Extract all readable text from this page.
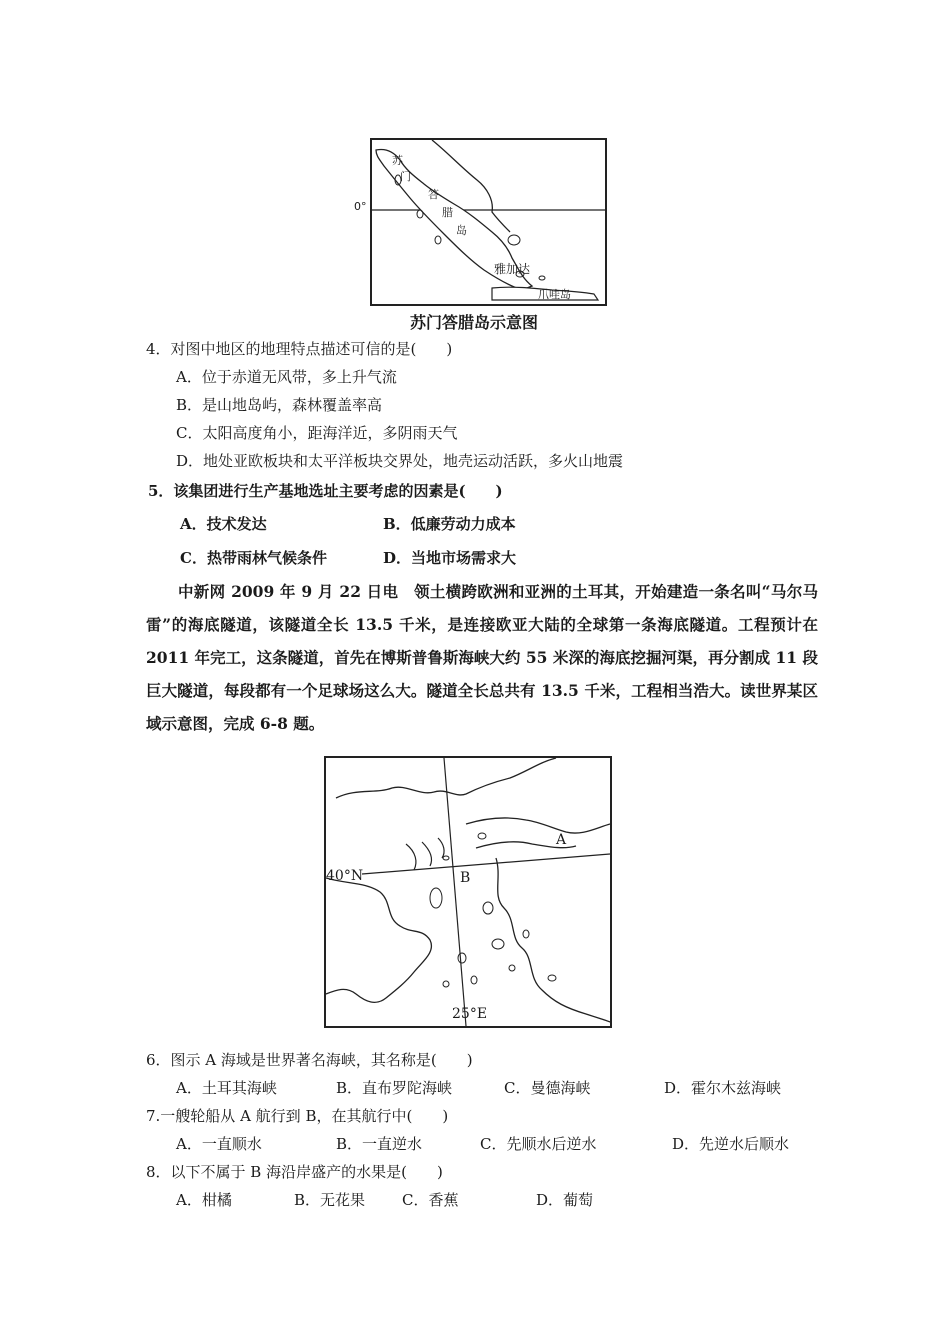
苏
门
答
腊
岛
0°
雅加达
爪哇岛
苏门答腊岛示意图
4．对图中地区的地理特点描述可信的是(　　)
A．位于赤道无风带，多上升气流
B．是山地岛屿，森林覆盖率高
C．太阳高度角小，距海洋近，多阴雨天气
D．地处亚欧板块和太平洋板块交界处，地壳运动活跃，多火山地震
5．该集团进行生产基地选址主要考虑的因素是(　　)
A．技术发达	B．低廉劳动力成本
C．热带雨林气候条件	D．当地市场需求大
中新网 2009 年 9 月 22 日电　领土横跨欧洲和亚洲的土耳其，开始建造一条名叫“马尔马雷”的海底隧道，该隧道全长 13.5 千米，是连接欧亚大陆的全球第一条海底隧道。工程预计在 2011 年完工，这条隧道，首先在博斯普鲁斯海峡大约 55 米深的海底挖掘河渠，再分割成 11 段巨大隧道，每段都有一个足球场这么大。隧道全长总共有 13.5 千米，工程相当浩大。读世界某区域示意图，完成 6-8 题。
40°N
25°E
A
B
6．图示 A 海域是世界著名海峡，其名称是(　　)
A．土耳其海峡	B．直布罗陀海峡	C．曼德海峡	D．霍尔木兹海峡
7.一艘轮船从 A 航行到 B，在其航行中(　　)
A．一直顺水	B．一直逆水	C．先顺水后逆水	D．先逆水后顺水
8．以下不属于 B 海沿岸盛产的水果是(　　)
A．柑橘	B．无花果 C．香蕉	D．葡萄
